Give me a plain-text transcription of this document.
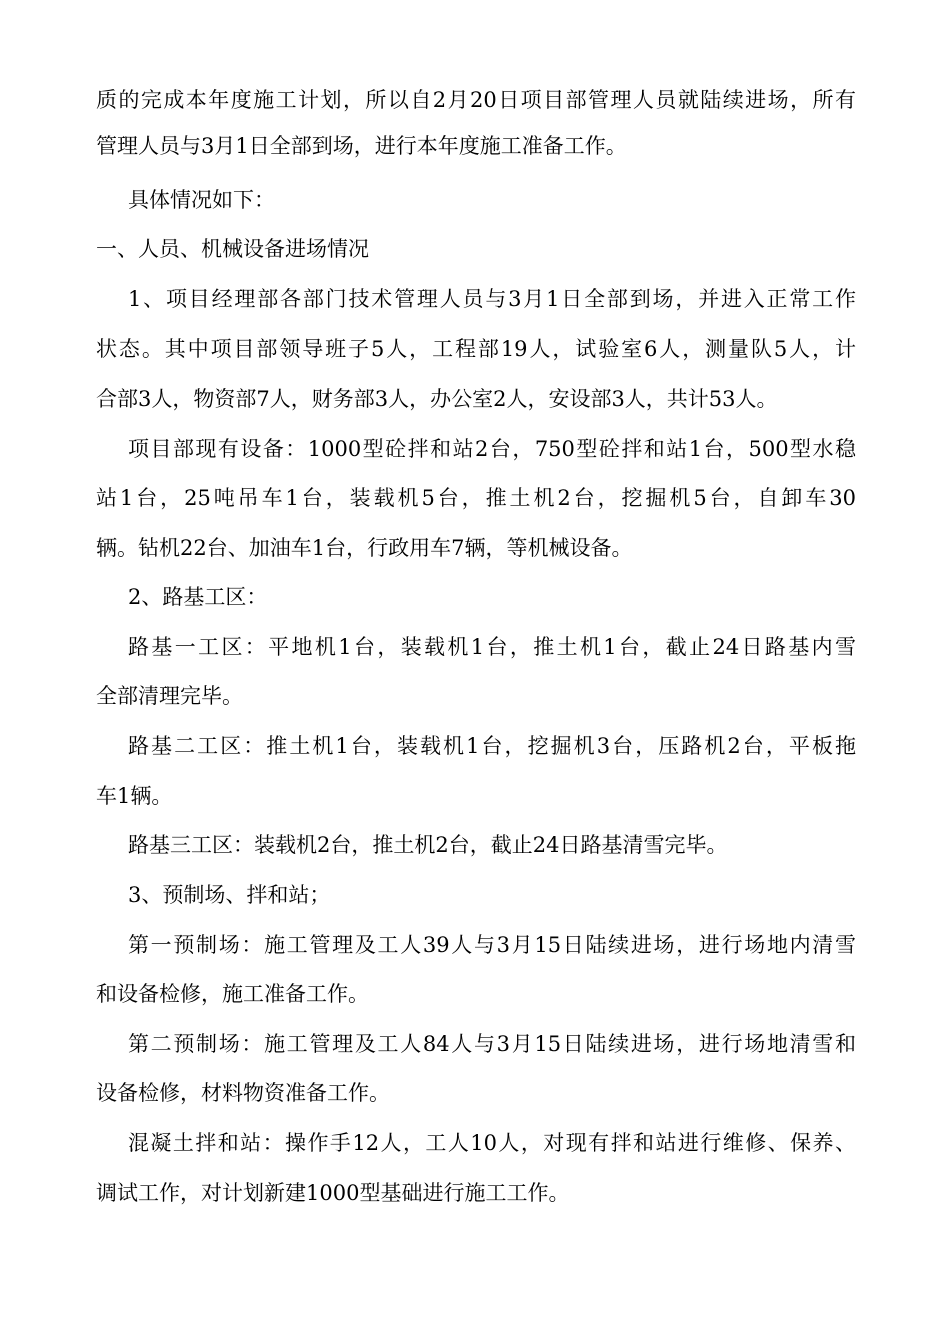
质的完成本年度施工计划，所以自2月20日项目部管理人员就陆续进场，所有
管理人员与3月1日全部到场，进行本年度施工准备工作。
具体情况如下：
一、人员、机械设备进场情况
1、项目经理部各部门技术管理人员与3月1日全部到场，并进入正常工作
状态。其中项目部领导班子5人，工程部19人，试验室6人，测量队5人，计
合部3人，物资部7人，财务部3人，办公室2人，安设部3人，共计53人。
项目部现有设备：1000型砼拌和站2台，750型砼拌和站1台，500型水稳
站1台，25吨吊车1台，装载机5台，推土机2台，挖掘机5台，自卸车30
辆。钻机22台、加油车1台，行政用车7辆，等机械设备。
2、路基工区：
路基一工区：平地机1台，装载机1台，推土机1台，截止24日路基内雪
全部清理完毕。
路基二工区：推土机1台，装载机1台，挖掘机3台，压路机2台，平板拖
车1辆。
路基三工区：装载机2台，推土机2台，截止24日路基清雪完毕。
3、预制场、拌和站；
第一预制场：施工管理及工人39人与3月15日陆续进场，进行场地内清雪
和设备检修，施工准备工作。
第二预制场：施工管理及工人84人与3月15日陆续进场，进行场地清雪和
设备检修，材料物资准备工作。
混凝土拌和站：操作手12人，工人10人，对现有拌和站进行维修、保养、
调试工作，对计划新建1000型基础进行施工工作。
